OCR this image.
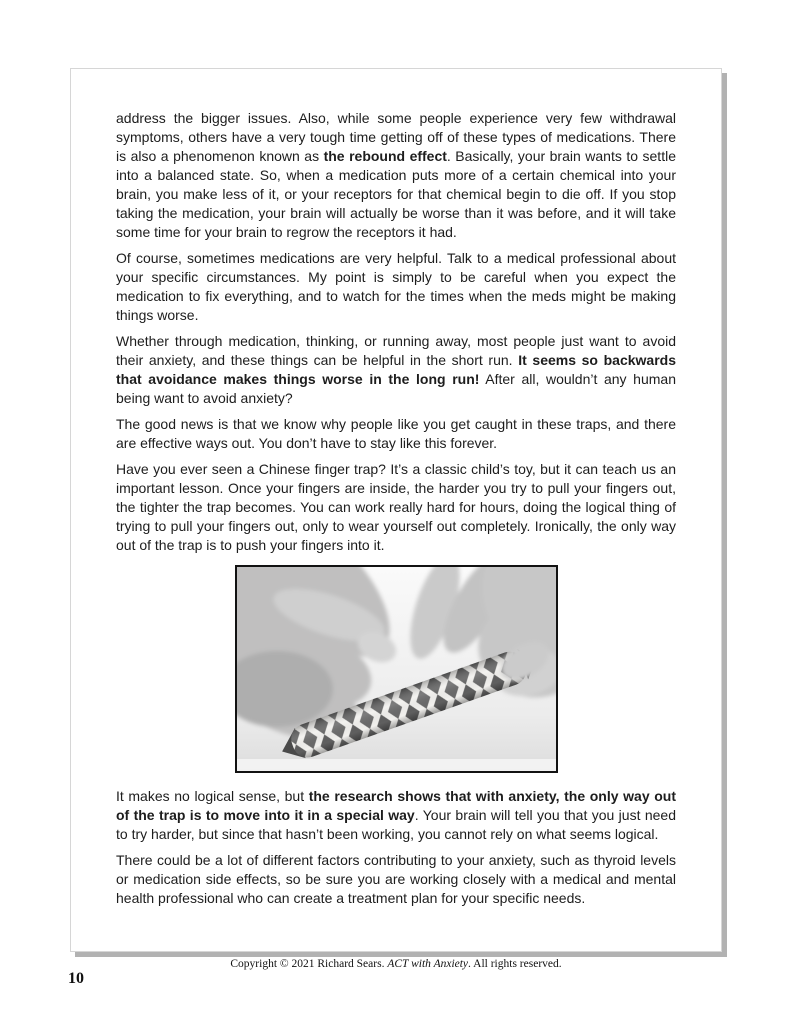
address the bigger issues. Also, while some people experience very few withdrawal symptoms, others have a very tough time getting off of these types of medications. There is also a phenomenon known as the rebound effect. Basically, your brain wants to settle into a balanced state. So, when a medication puts more of a certain chemical into your brain, you make less of it, or your receptors for that chemical begin to die off. If you stop taking the medication, your brain will actually be worse than it was before, and it will take some time for your brain to regrow the receptors it had.

Of course, sometimes medications are very helpful. Talk to a medical professional about your specific circumstances. My point is simply to be careful when you expect the medication to fix everything, and to watch for the times when the meds might be making things worse.

Whether through medication, thinking, or running away, most people just want to avoid their anxiety, and these things can be helpful in the short run. It seems so backwards that avoidance makes things worse in the long run! After all, wouldn’t any human being want to avoid anxiety?

The good news is that we know why people like you get caught in these traps, and there are effective ways out. You don’t have to stay like this forever.

Have you ever seen a Chinese finger trap? It’s a classic child’s toy, but it can teach us an important lesson. Once your fingers are inside, the harder you try to pull your fingers out, the tighter the trap becomes. You can work really hard for hours, doing the logical thing of trying to pull your fingers out, only to wear yourself out completely. Ironically, the only way out of the trap is to push your fingers into it.

It makes no logical sense, but the research shows that with anxiety, the only way out of the trap is to move into it in a special way. Your brain will tell you that you just need to try harder, but since that hasn’t been working, you cannot rely on what seems logical.

There could be a lot of different factors contributing to your anxiety, such as thyroid levels or medication side effects, so be sure you are working closely with a medical and mental health professional who can create a treatment plan for your specific needs.

Copyright © 2021 Richard Sears. ACT with Anxiety. All rights reserved.
10
